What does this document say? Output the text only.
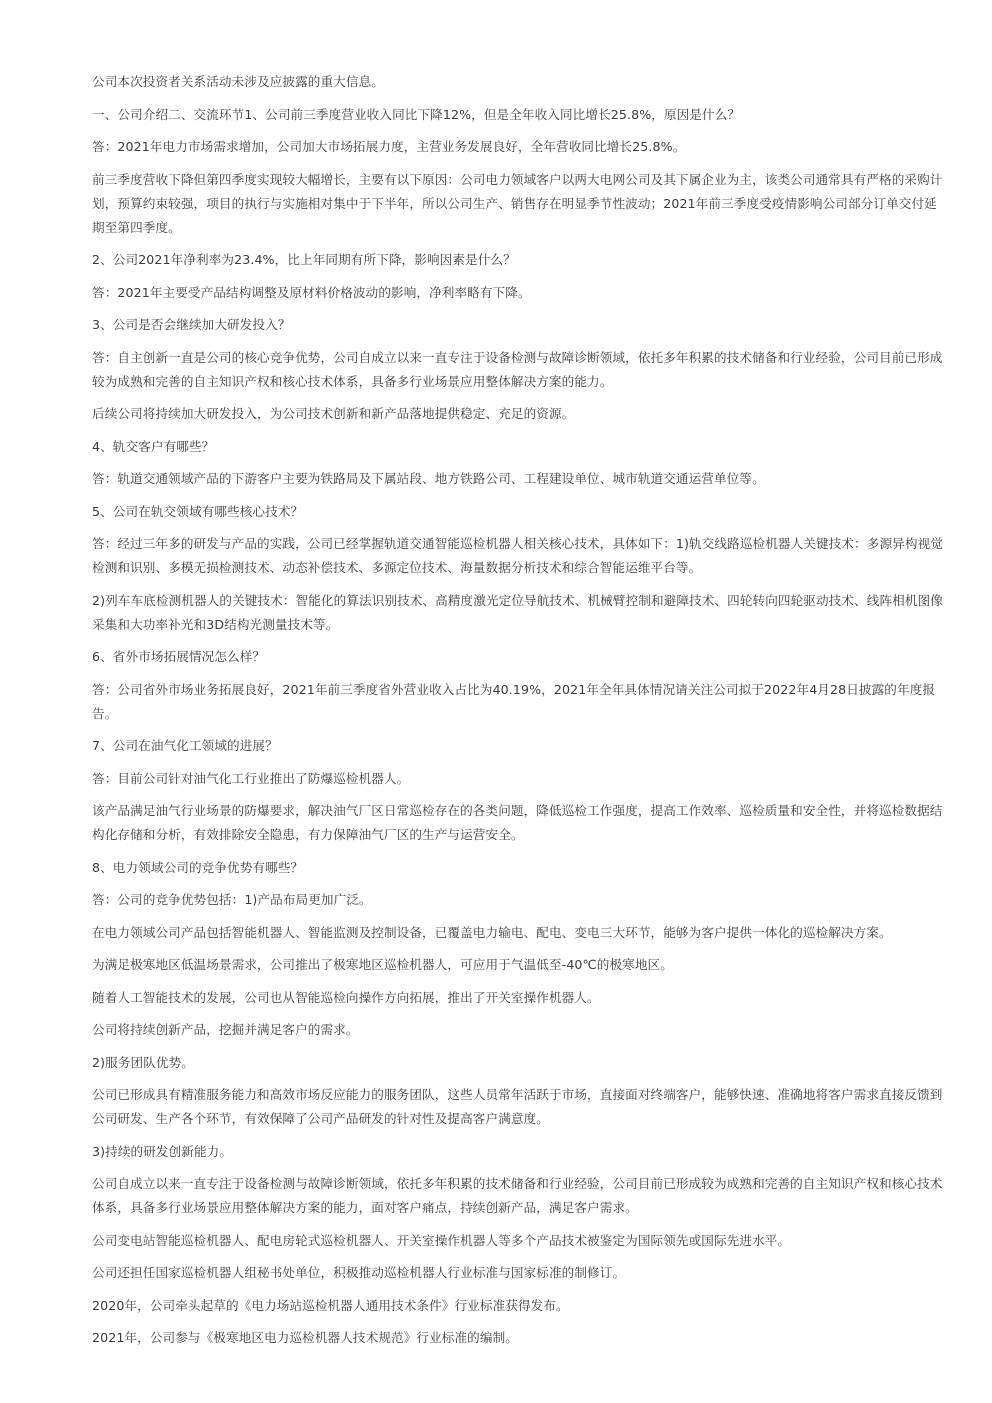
公司本次投资者关系活动未涉及应披露的重大信息。

一、公司介绍二、交流环节1、公司前三季度营业收入同比下降12%，但是全年收入同比增长25.8%，原因是什么？

答：2021年电力市场需求增加，公司加大市场拓展力度，主营业务发展良好，全年营收同比增长25.8%。

前三季度营收下降但第四季度实现较大幅增长，主要有以下原因：公司电力领域客户以两大电网公司及其下属企业为主，该类公司通常具有严格的采购计划，预算约束较强，项目的执行与实施相对集中于下半年，所以公司生产、销售存在明显季节性波动；2021年前三季度受疫情影响公司部分订单交付延期至第四季度。

2、公司2021年净利率为23.4%，比上年同期有所下降，影响因素是什么？

答：2021年主要受产品结构调整及原材料价格波动的影响，净利率略有下降。

3、公司是否会继续加大研发投入？

答：自主创新一直是公司的核心竞争优势，公司自成立以来一直专注于设备检测与故障诊断领域，依托多年积累的技术储备和行业经验，公司目前已形成较为成熟和完善的自主知识产权和核心技术体系，具备多行业场景应用整体解决方案的能力。

后续公司将持续加大研发投入，为公司技术创新和新产品落地提供稳定、充足的资源。

4、轨交客户有哪些？

答：轨道交通领域产品的下游客户主要为铁路局及下属站段、地方铁路公司、工程建设单位、城市轨道交通运营单位等。

5、公司在轨交领域有哪些核心技术？

答：经过三年多的研发与产品的实践，公司已经掌握轨道交通智能巡检机器人相关核心技术，具体如下：1)轨交线路巡检机器人关键技术：多源异构视觉检测和识别、多模无损检测技术、动态补偿技术、多源定位技术、海量数据分析技术和综合智能运维平台等。

2)列车车底检测机器人的关键技术：智能化的算法识别技术、高精度激光定位导航技术、机械臂控制和避障技术、四轮转向四轮驱动技术、线阵相机图像采集和大功率补光和3D结构光测量技术等。

6、省外市场拓展情况怎么样？

答：公司省外市场业务拓展良好，2021年前三季度省外营业收入占比为40.19%，2021年全年具体情况请关注公司拟于2022年4月28日披露的年度报告。

7、公司在油气化工领域的进展？

答：目前公司针对油气化工行业推出了防爆巡检机器人。

该产品满足油气行业场景的防爆要求，解决油气厂区日常巡检存在的各类问题，降低巡检工作强度，提高工作效率、巡检质量和安全性，并将巡检数据结构化存储和分析，有效排除安全隐患，有力保障油气厂区的生产与运营安全。

8、电力领域公司的竞争优势有哪些？

答：公司的竞争优势包括：1)产品布局更加广泛。

在电力领域公司产品包括智能机器人、智能监测及控制设备，已覆盖电力输电、配电、变电三大环节，能够为客户提供一体化的巡检解决方案。

为满足极寒地区低温场景需求，公司推出了极寒地区巡检机器人，可应用于气温低至-40℃的极寒地区。

随着人工智能技术的发展，公司也从智能巡检向操作方向拓展，推出了开关室操作机器人。

公司将持续创新产品，挖掘并满足客户的需求。

2)服务团队优势。

公司已形成具有精准服务能力和高效市场反应能力的服务团队，这些人员常年活跃于市场，直接面对终端客户，能够快速、准确地将客户需求直接反馈到公司研发、生产各个环节，有效保障了公司产品研发的针对性及提高客户满意度。

3)持续的研发创新能力。

公司自成立以来一直专注于设备检测与故障诊断领域，依托多年积累的技术储备和行业经验，公司目前已形成较为成熟和完善的自主知识产权和核心技术体系，具备多行业场景应用整体解决方案的能力，面对客户痛点，持续创新产品，满足客户需求。

公司变电站智能巡检机器人、配电房轮式巡检机器人、开关室操作机器人等多个产品技术被鉴定为国际领先或国际先进水平。

公司还担任国家巡检机器人组秘书处单位，积极推动巡检机器人行业标准与国家标准的制修订。

2020年，公司牵头起草的《电力场站巡检机器人通用技术条件》行业标准获得发布。

2021年，公司参与《极寒地区电力巡检机器人技术规范》行业标准的编制。
